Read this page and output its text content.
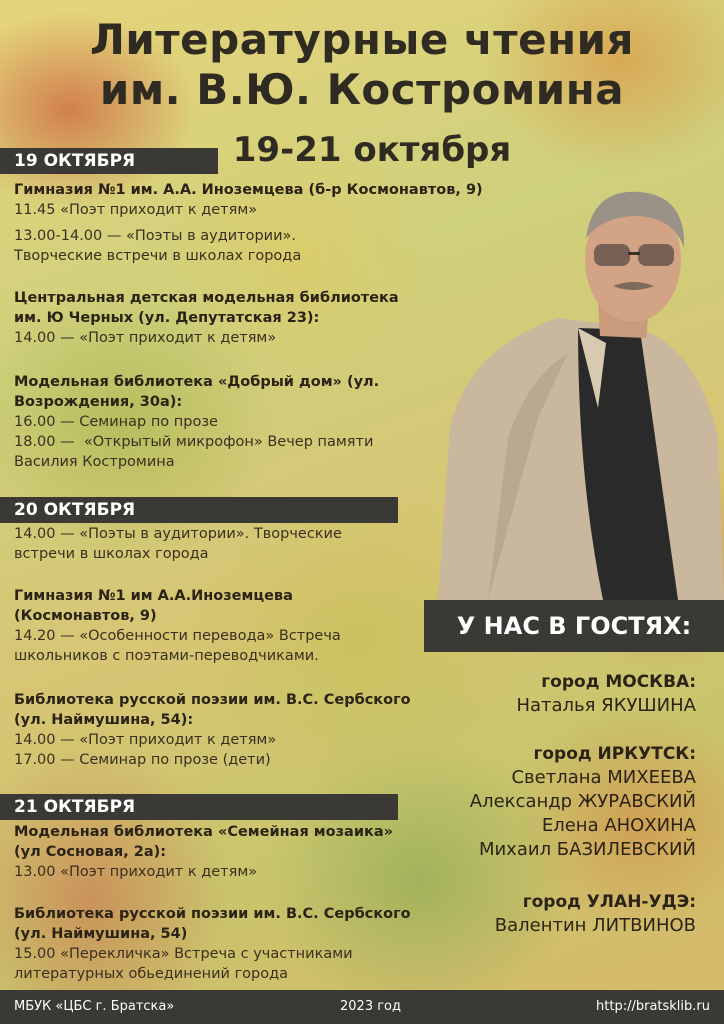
Литературные чтения
им. В.Ю. Костромина
19-21 октября
19 ОКТЯБРЯ
Гимназия №1 им. А.А. Иноземцева (б-р Космонавтов, 9)
11.45 «Поэт приходит к детям»
13.00-14.00 — «Поэты в аудитории».
Творческие встречи в школах города
Центральная детская модельная библиотека
им. Ю Черных (ул. Депутатская 23):
14.00 — «Поэт приходит к детям»
Модельная библиотека «Добрый дом» (ул.
Возрождения, 30а):
16.00 — Семинар по прозе
18.00 —  «Открытый микрофон» Вечер памяти
Василия Костромина
20 ОКТЯБРЯ
14.00 — «Поэты в аудитории». Творческие
встречи в школах города
Гимназия №1 им А.А.Иноземцева
(Космонавтов, 9)
14.20 — «Особенности перевода» Встреча
школьников с поэтами-переводчиками.
Библиотека русской поэзии им. В.С. Сербского
(ул. Наймушина, 54):
14.00 — «Поэт приходит к детям»
17.00 — Семинар по прозе (дети)
21 ОКТЯБРЯ
Модельная библиотека «Семейная мозаика»
(ул Сосновая, 2а):
13.00 «Поэт приходит к детям»
Библиотека русской поэзии им. В.С. Сербского
(ул. Наймушина, 54)
15.00 «Перекличка» Встреча с участниками
литературных обьединений города
У НАС В ГОСТЯХ:
город МОСКВА:
Наталья ЯКУШИНА
город ИРКУТСК:
Светлана МИХЕЕВА
Александр ЖУРАВСКИЙ
Елена АНОХИНА
Михаил БАЗИЛЕВСКИЙ
город УЛАН-УДЭ:
Валентин ЛИТВИНОВ
МБУК «ЦБС г. Братска»	2023 год	http://bratsklib.ru
